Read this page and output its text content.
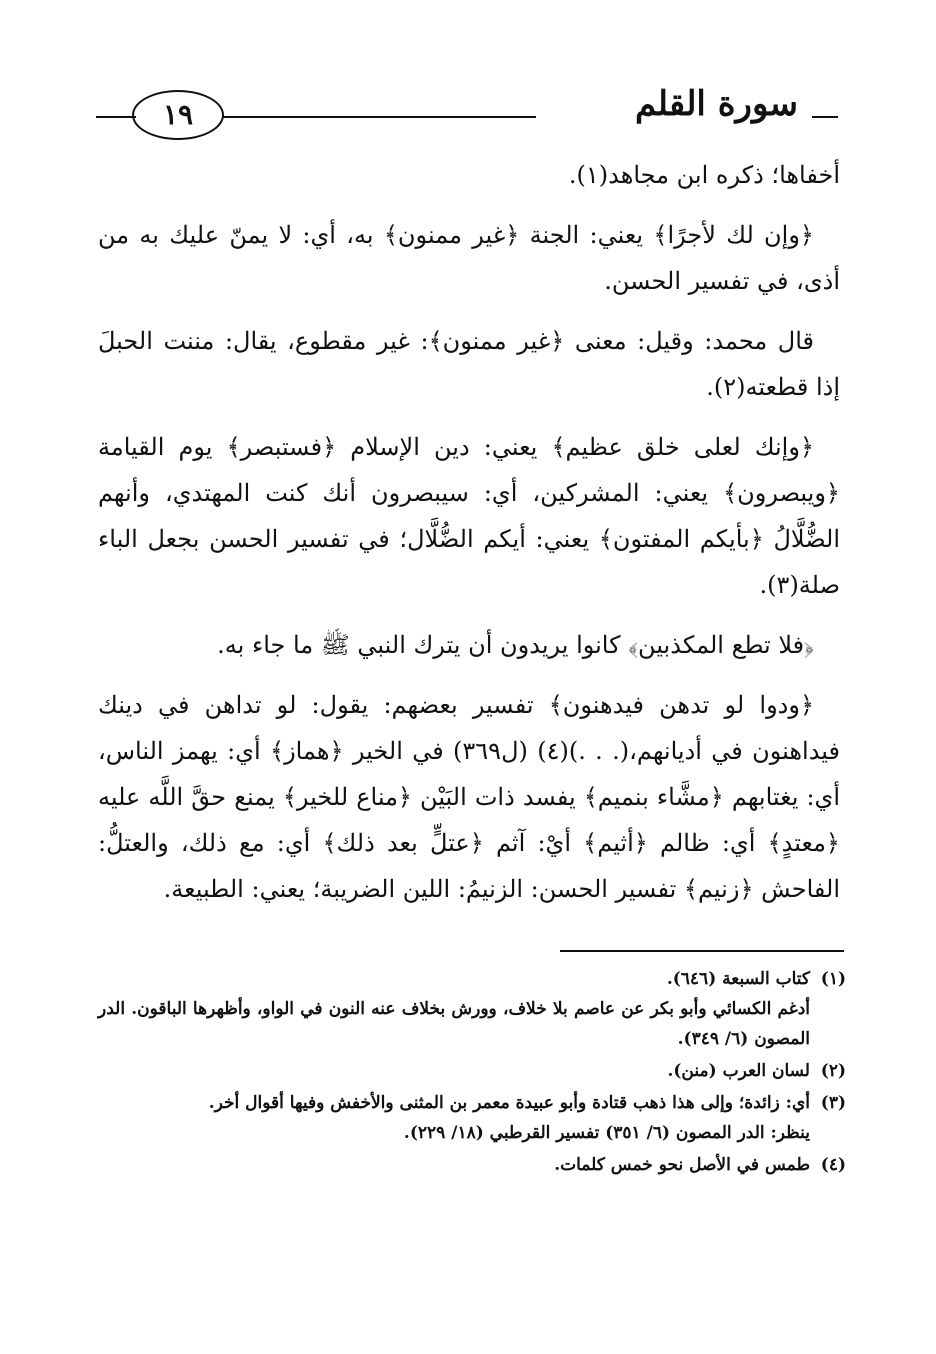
سورة القلم
١٩

أخفاها؛ ذكره ابن مجاهد(١).

﴿وإن لك لأجرًا﴾ يعني: الجنة ﴿غير ممنون﴾ به، أي: لا يمنّ عليك به من أذى، في تفسير الحسن.

قال محمد: وقيل: معنى ﴿غير ممنون﴾: غير مقطوع، يقال: مننت الحبلَ إذا قطعته(٢).

﴿وإنك لعلى خلق عظيم﴾ يعني: دين الإسلام ﴿فستبصر﴾ يوم القيامة ﴿ويبصرون﴾ يعني: المشركين، أي: سيبصرون أنك كنت المهتدي، وأنهم الضُّلَّالُ ﴿بأيكم المفتون﴾ يعني: أيكم الضُّلَّال؛ في تفسير الحسن بجعل الباء صلة(٣).

﴿فلا تطع المكذبين﴾ كانوا يريدون أن يترك النبي ﷺ ما جاء به.

﴿ودوا لو تدهن فيدهنون﴾ تفسير بعضهم: يقول: لو تداهن في دينك فيداهنون في أديانهم،(. . .)(٤) (ل٣٦٩) في الخير ﴿هماز﴾ أي: يهمز الناس، أي: يغتابهم ﴿مشَّاء بنميم﴾ يفسد ذات البَيْن ﴿مناع للخير﴾ يمنع حقَّ اللَّه عليه ﴿معتدٍ﴾ أي: ظالم ﴿أثيم﴾ أيْ: آثم ﴿عتلٍّ بعد ذلك﴾ أي: مع ذلك، والعتلُّ: الفاحش ﴿زنيم﴾ تفسير الحسن: الزنيمُ: اللين الضريبة؛ يعني: الطبيعة.

(١)
كتاب السبعة (٦٤٦).
أدغم الكسائي وأبو بكر عن عاصم بلا خلاف، وورش بخلاف عنه النون في الواو، وأظهرها الباقون. الدر المصون (٦/ ٣٤٩).
(٢)
لسان العرب (منن).
(٣)
أي: زائدة؛ وإلى هذا ذهب قتادة وأبو عبيدة معمر بن المثنى والأخفش وفيها أقوال أخر.
ينظر: الدر المصون (٦/ ٣٥١) تفسير القرطبي (١٨/ ٢٢٩).
(٤)
طمس في الأصل نحو خمس كلمات.
